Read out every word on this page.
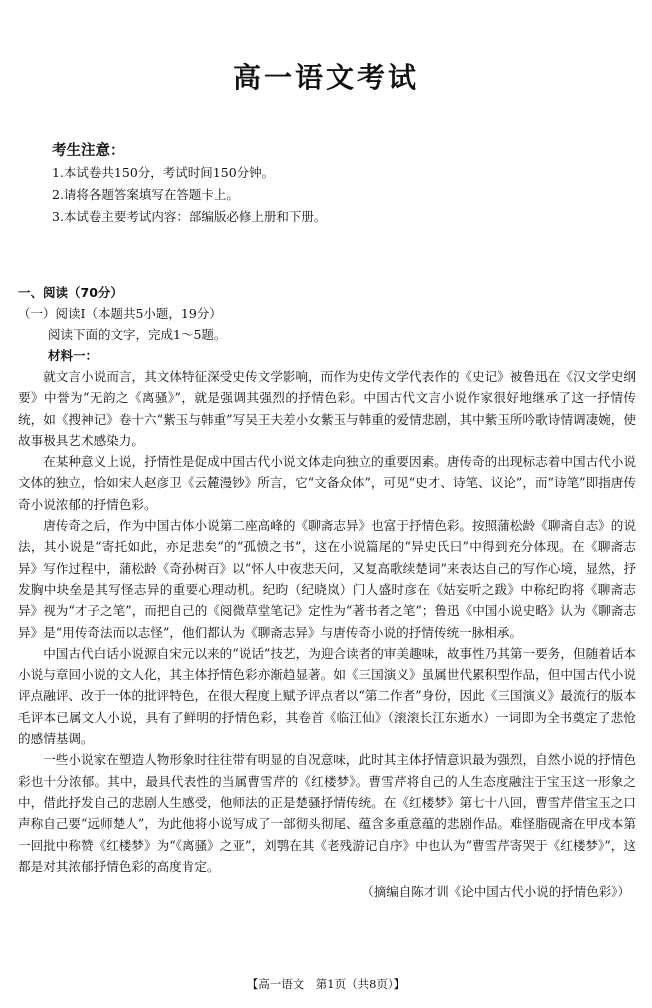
高一语文考试
考生注意：
1.本试卷共150分，考试时间150分钟。
2.请将各题答案填写在答题卡上。
3.本试卷主要考试内容：部编版必修上册和下册。
一、阅读（70分）
（一）阅读Ⅰ（本题共5小题，19分）
阅读下面的文字，完成1～5题。
材料一：

就文言小说而言，其文体特征深受史传文学影响，而作为史传文学代表作的《史记》被鲁迅在《汉文学史纲要》中誉为“无韵之《离骚》”，就是强调其强烈的抒情色彩。中国古代文言小说作家很好地继承了这一抒情传统，如《搜神记》卷十六“紫玉与韩重”写吴王夫差小女紫玉与韩重的爱情悲剧，其中紫玉所吟歌诗情调凄婉，使故事极具艺术感染力。

在某种意义上说，抒情性是促成中国古代小说文体走向独立的重要因素。唐传奇的出现标志着中国古代小说文体的独立，恰如宋人赵彦卫《云麓漫钞》所言，它“文备众体”，可见“史才、诗笔、议论”，而“诗笔”即指唐传奇小说浓郁的抒情色彩。

唐传奇之后，作为中国古体小说第二座高峰的《聊斋志异》也富于抒情色彩。按照蒲松龄《聊斋自志》的说法，其小说是“寄托如此，亦足悲矣”的“孤愤之书”，这在小说篇尾的“异史氏曰”中得到充分体现。在《聊斋志异》写作过程中，蒲松龄《奇孙树百》以“怀人中夜悲天问，又复高歌续楚词”来表达自己的写作心境，显然，抒发胸中块垒是其写怪志异的重要心理动机。纪昀（纪晓岚）门人盛时彦在《姑妄听之跋》中称纪昀将《聊斋志异》视为“才子之笔”，而把自己的《阅微草堂笔记》定性为“著书者之笔”；鲁迅《中国小说史略》认为《聊斋志异》是“用传奇法而以志怪”，他们都认为《聊斋志异》与唐传奇小说的抒情传统一脉相承。

中国古代白话小说源自宋元以来的“说话”技艺，为迎合读者的审美趣味，故事性乃其第一要务，但随着话本小说与章回小说的文人化，其主体抒情色彩亦渐趋显著。如《三国演义》虽属世代累积型作品，但中国古代小说评点融评、改于一体的批评特色，在很大程度上赋予评点者以“第二作者”身份，因此《三国演义》最流行的版本毛评本已属文人小说，具有了鲜明的抒情色彩，其卷首《临江仙》（滚滚长江东逝水）一词即为全书奠定了悲怆的感情基调。

一些小说家在塑造人物形象时往往带有明显的自况意味，此时其主体抒情意识最为强烈，自然小说的抒情色彩也十分浓郁。其中，最具代表性的当属曹雪芹的《红楼梦》。曹雪芹将自己的人生态度融注于宝玉这一形象之中，借此抒发自己的悲剧人生感受，他师法的正是楚骚抒情传统。在《红楼梦》第七十八回，曹雪芹借宝玉之口声称自己要“远师楚人”，为此他将小说写成了一部彻头彻尾、蕴含多重意蕴的悲剧作品。难怪脂砚斋在甲戌本第一回批中称赞《红楼梦》为“《离骚》之亚”，刘鹗在其《老残游记自序》中也认为“曹雪芹寄哭于《红楼梦》”，这都是对其浓郁抒情色彩的高度肯定。

（摘编自陈才训《论中国古代小说的抒情色彩》）
【高一语文　第1页（共8页）】
